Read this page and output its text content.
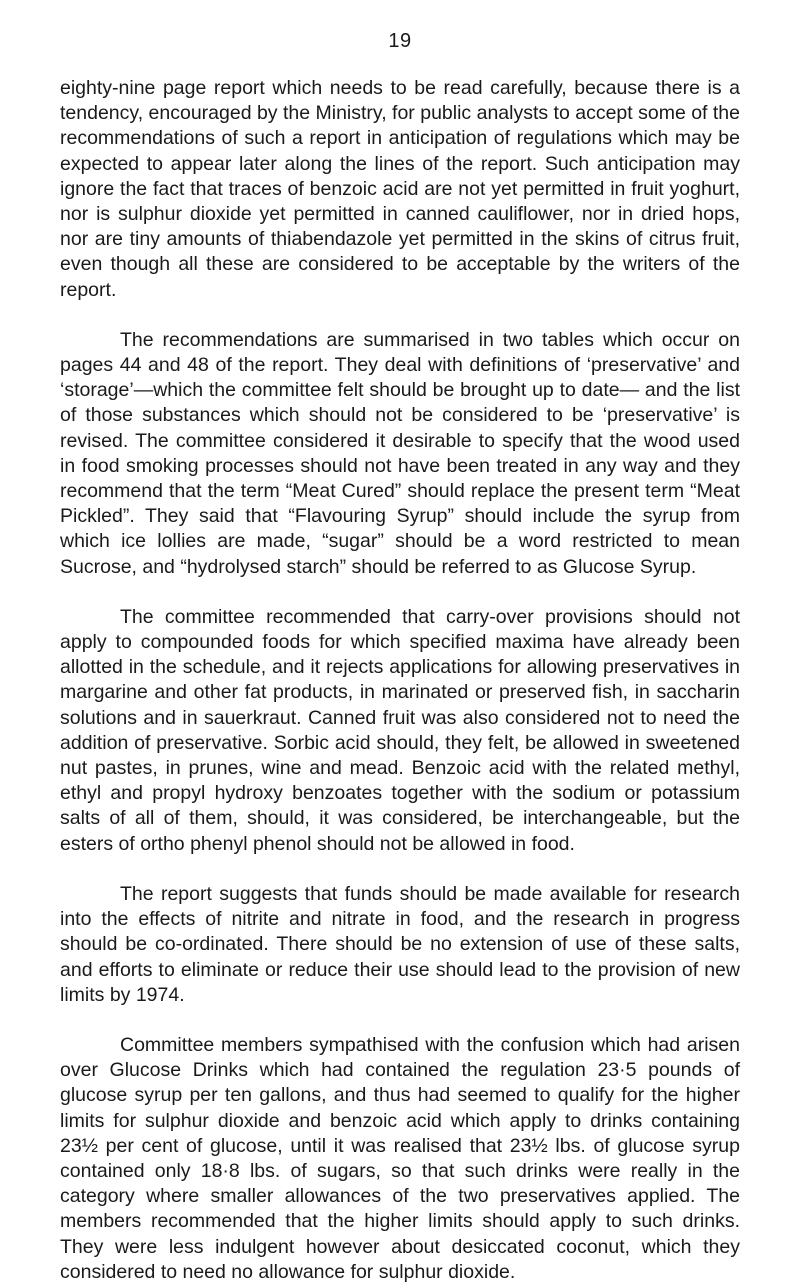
19

eighty-nine page report which needs to be read carefully, because there is a tendency, encouraged by the Ministry, for public analysts to accept some of the recommendations of such a report in anticipation of regulations which may be expected to appear later along the lines of the report. Such anticipation may ignore the fact that traces of benzoic acid are not yet permitted in fruit yoghurt, nor is sulphur dioxide yet permitted in canned cauliflower, nor in dried hops, nor are tiny amounts of thiabendazole yet permitted in the skins of citrus fruit, even though all these are considered to be acceptable by the writers of the report.

The recommendations are summarised in two tables which occur on pages 44 and 48 of the report. They deal with definitions of ‘preservative’ and ‘storage’—which the committee felt should be brought up to date— and the list of those substances which should not be considered to be ‘preservative’ is revised. The committee considered it desirable to specify that the wood used in food smoking processes should not have been treated in any way and they recommend that the term “Meat Cured” should replace the present term “Meat Pickled”. They said that “Flavouring Syrup” should include the syrup from which ice lollies are made, “sugar” should be a word restricted to mean Sucrose, and “hydrolysed starch” should be referred to as Glucose Syrup.

The committee recommended that carry-over provisions should not apply to compounded foods for which specified maxima have already been allotted in the schedule, and it rejects applications for allowing preservatives in margarine and other fat products, in marinated or preserved fish, in saccharin solutions and in sauerkraut. Canned fruit was also considered not to need the addition of preservative. Sorbic acid should, they felt, be allowed in sweetened nut pastes, in prunes, wine and mead. Benzoic acid with the related methyl, ethyl and propyl hydroxy benzoates together with the sodium or potassium salts of all of them, should, it was considered, be interchangeable, but the esters of ortho phenyl phenol should not be allowed in food.

The report suggests that funds should be made available for research into the effects of nitrite and nitrate in food, and the research in progress should be co-ordinated. There should be no extension of use of these salts, and efforts to eliminate or reduce their use should lead to the provision of new limits by 1974.

Committee members sympathised with the confusion which had arisen over Glucose Drinks which had contained the regulation 23·5 pounds of glucose syrup per ten gallons, and thus had seemed to qualify for the higher limits for sulphur dioxide and benzoic acid which apply to drinks containing 23½ per cent of glucose, until it was realised that 23½ lbs. of glucose syrup contained only 18·8 lbs. of sugars, so that such drinks were really in the category where smaller allowances of the two preservatives applied. The members recommended that the higher limits should apply to such drinks. They were less indulgent however about desiccated coconut, which they considered to need no allowance for sulphur dioxide.
